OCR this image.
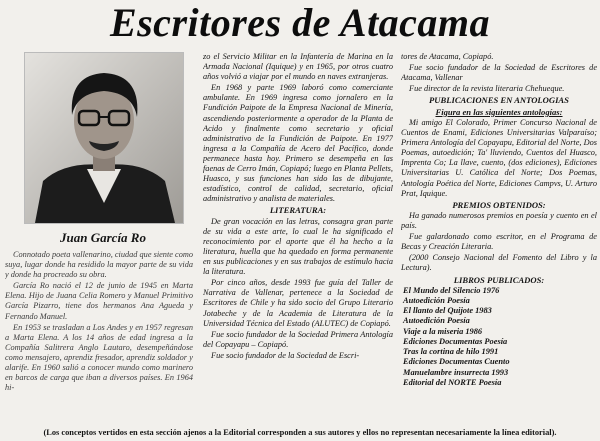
Escritores de Atacama
Juan García Ro

Connotado poeta vallenarino, ciudad que siente como suya, lugar donde ha residido la mayor parte de su vida y donde ha procreado su obra.

García Ro nació el 12 de junio de 1945 en Marta Elena. Hijo de Juana Celia Romero y Manuel Primitivo García Pizarro, tiene dos hermanos Ana Agueda y Fernando Manuel.

En 1953 se trasladan a Los Andes y en 1957 regresan a Marta Elena. A los 14 años de edad ingresa a la Compañía Salitrera Anglo Lautaro, desempeñándose como mensajero, aprendiz fresador, aprendiz soldador y alarife. En 1960 salió a conocer mundo como marinero en barcos de carga que iban a diversos países. En 1964 hi-

zo el Servicio Militar en la Infantería de Marina en la Armada Nacional (Iquique) y en 1965, por otros cuatro años volvió a viajar por el mundo en naves extranjeras.

En 1968 y parte 1969 laboró como comerciante ambulante. En 1969 ingresa como jornalero en la Fundición Paipote de la Empresa Nacional de Minería, ascendiendo posteriormente a operador de la Planta de Acido y finalmente como secretario y oficial administrativo de la Fundición de Paipote. En 1977 ingresa a la Compañía de Acero del Pacífico, donde permanece hasta hoy. Primero se desempeña en las faenas de Cerro Imán, Copiapó; luego en Planta Pellets, Huasco, y sus funciones han sido las de dibujante, estadístico, control de calidad, secretario, oficial administrativo y analista de materiales.

LITERATURA:

De gran vocación en las letras, consagra gran parte de su vida a este arte, lo cual le ha significado el reconocimiento por el aporte que él ha hecho a la literatura, huella que ha quedado en forma permanente en sus publicaciones y en sus trabajos de estímulo hacia la literatura.

Por cinco años, desde 1993 fue guía del Taller de Narrativa de Vallenar, pertenece a la Sociedad de Escritores de Chile y ha sido socio del Grupo Literario Jotabeche y de la Academia de Literatura de la Universidad Técnica del Estado (ALUTEC) de Copiapó.

Fue socio fundador de la Sociedad Primera Antología del Copayapu – Copiapó.

Fue socio fundador de la Sociedad de Escri-

tores de Atacama, Copiapó.

Fue socio fundador de la Sociedad de Escritores de Atacama, Vallenar

Fue director de la revista literaria Chehueque.

PUBLICACIONES EN ANTOLOGIAS
Figura en las siguientes antologías:

Mi amigo El Colorado, Primer Concurso Nacional de Cuentos de Enami, Ediciones Universitarias Valparaíso; Primera Antología del Copayapu, Editorial del Norte, Dos Poemas, autoedición; Ta' lluviendo, Cuentos del Huasco, Imprenta Co; La llave, cuento, (dos ediciones), Ediciones Universitarias U. Católica del Norte; Dos Poemas, Antología Poética del Norte, Ediciones Campvs, U. Arturo Prat, Iquique.

PREMIOS OBTENIDOS:

Ha ganado numerosos premios en poesía y cuento en el país.

Fue galardonado como escritor, en el Programa de Becas y Creación Literaria.

(2000 Consejo Nacional del Fomento del Libro y la Lectura).

LIBROS PUBLICADOS:
El Mundo del Silencio 1976
Autoedición Poesía
El llanto del Quijote 1983
Autoedición Poesía
Viaje a la miseria 1986
Ediciones Documentas Poesía
Tras la cortina de hilo 1991
Ediciones Documentas Cuento
Manuelambre insurrecta 1993
Editorial del NORTE Poesía
(Los conceptos vertidos en esta sección ajenos a la Editorial corresponden a sus autores y ellos no representan necesariamente la línea editorial).
